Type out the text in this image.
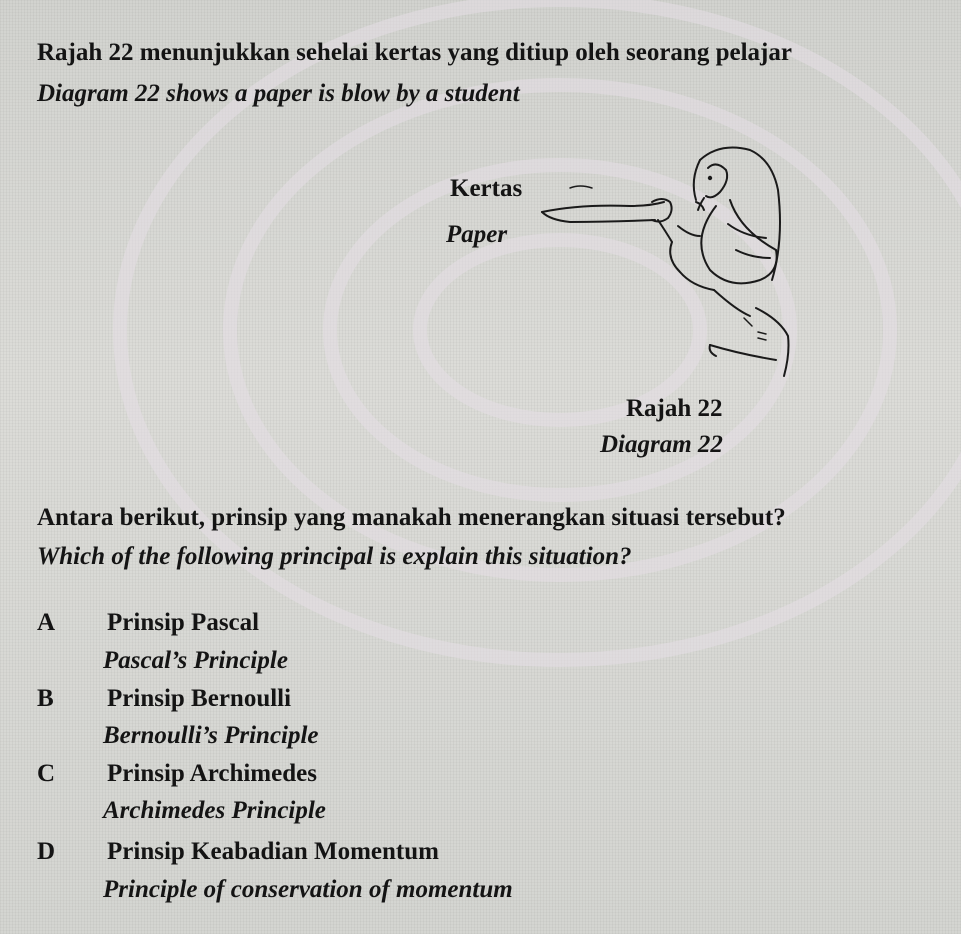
Rajah 22 menunjukkan sehelai kertas yang ditiup oleh seorang pelajar
Diagram 22 shows a paper is blow by a student
Kertas
Paper
Rajah 22
Diagram 22
Antara berikut, prinsip yang manakah menerangkan situasi tersebut?
Which of the following principal is explain this situation?
A Prinsip Pascal
Pascal’s Principle
B Prinsip Bernoulli
Bernoulli’s Principle
C Prinsip Archimedes
Archimedes Principle
D Prinsip Keabadian Momentum
Principle of conservation of momentum
